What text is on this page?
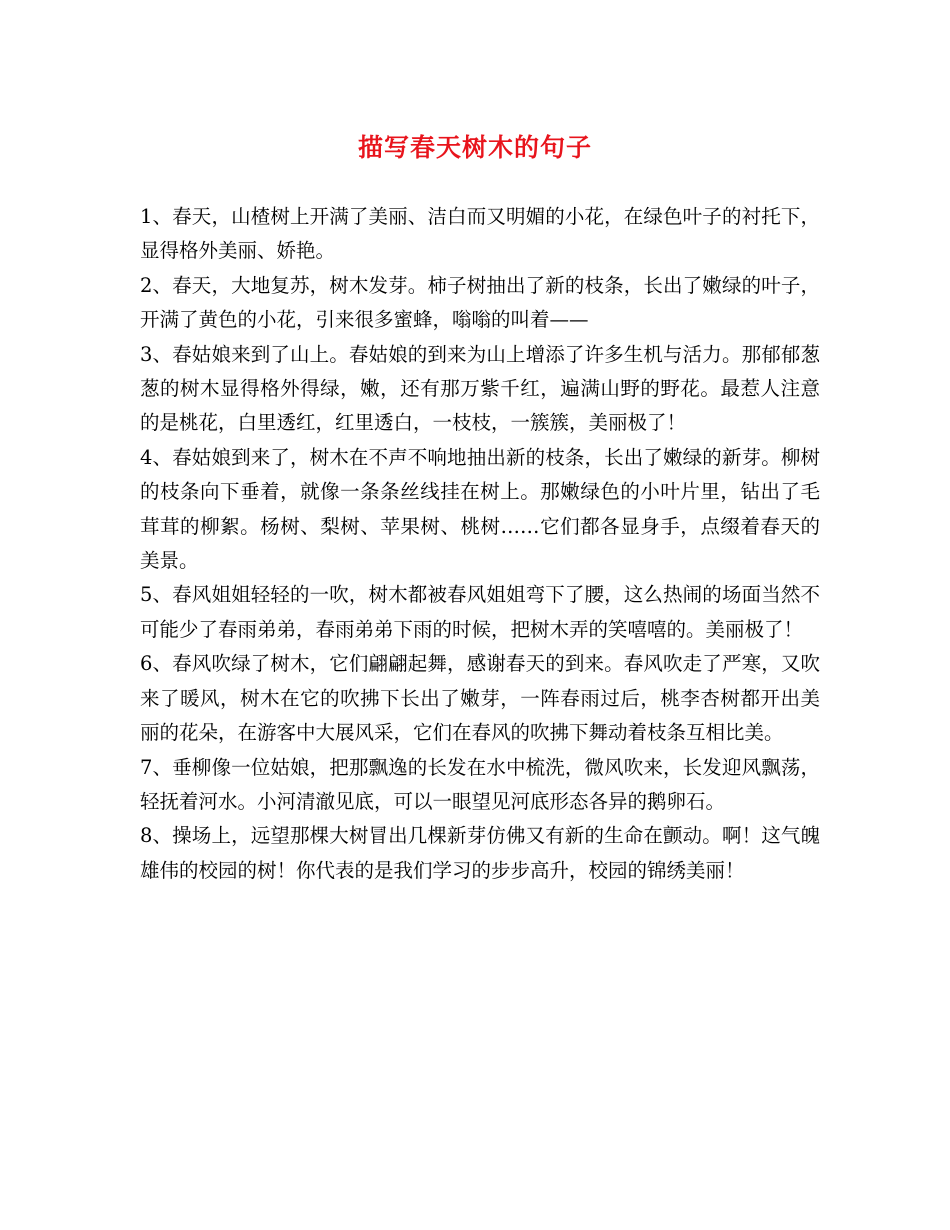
描写春天树木的句子

1、春天，山楂树上开满了美丽、洁白而又明媚的小花，在绿色叶子的衬托下，显得格外美丽、娇艳。

2、春天，大地复苏，树木发芽。柿子树抽出了新的枝条，长出了嫩绿的叶子，开满了黄色的小花，引来很多蜜蜂，嗡嗡的叫着——

3、春姑娘来到了山上。春姑娘的到来为山上增添了许多生机与活力。那郁郁葱葱的树木显得格外得绿，嫩，还有那万紫千红，遍满山野的野花。最惹人注意的是桃花，白里透红，红里透白，一枝枝，一簇簇，美丽极了！

4、春姑娘到来了，树木在不声不响地抽出新的枝条，长出了嫩绿的新芽。柳树的枝条向下垂着，就像一条条丝线挂在树上。那嫩绿色的小叶片里，钻出了毛茸茸的柳絮。杨树、梨树、苹果树、桃树……它们都各显身手，点缀着春天的美景。

5、春风姐姐轻轻的一吹，树木都被春风姐姐弯下了腰，这么热闹的场面当然不可能少了春雨弟弟，春雨弟弟下雨的时候，把树木弄的笑嘻嘻的。美丽极了！

6、春风吹绿了树木，它们翩翩起舞，感谢春天的到来。春风吹走了严寒，又吹来了暖风，树木在它的吹拂下长出了嫩芽，一阵春雨过后，桃李杏树都开出美丽的花朵，在游客中大展风采，它们在春风的吹拂下舞动着枝条互相比美。

7、垂柳像一位姑娘，把那飘逸的长发在水中梳洗，微风吹来，长发迎风飘荡，轻抚着河水。小河清澈见底，可以一眼望见河底形态各异的鹅卵石。

8、操场上，远望那棵大树冒出几棵新芽仿佛又有新的生命在颤动。啊！这气魄雄伟的校园的树！你代表的是我们学习的步步高升，校园的锦绣美丽！
